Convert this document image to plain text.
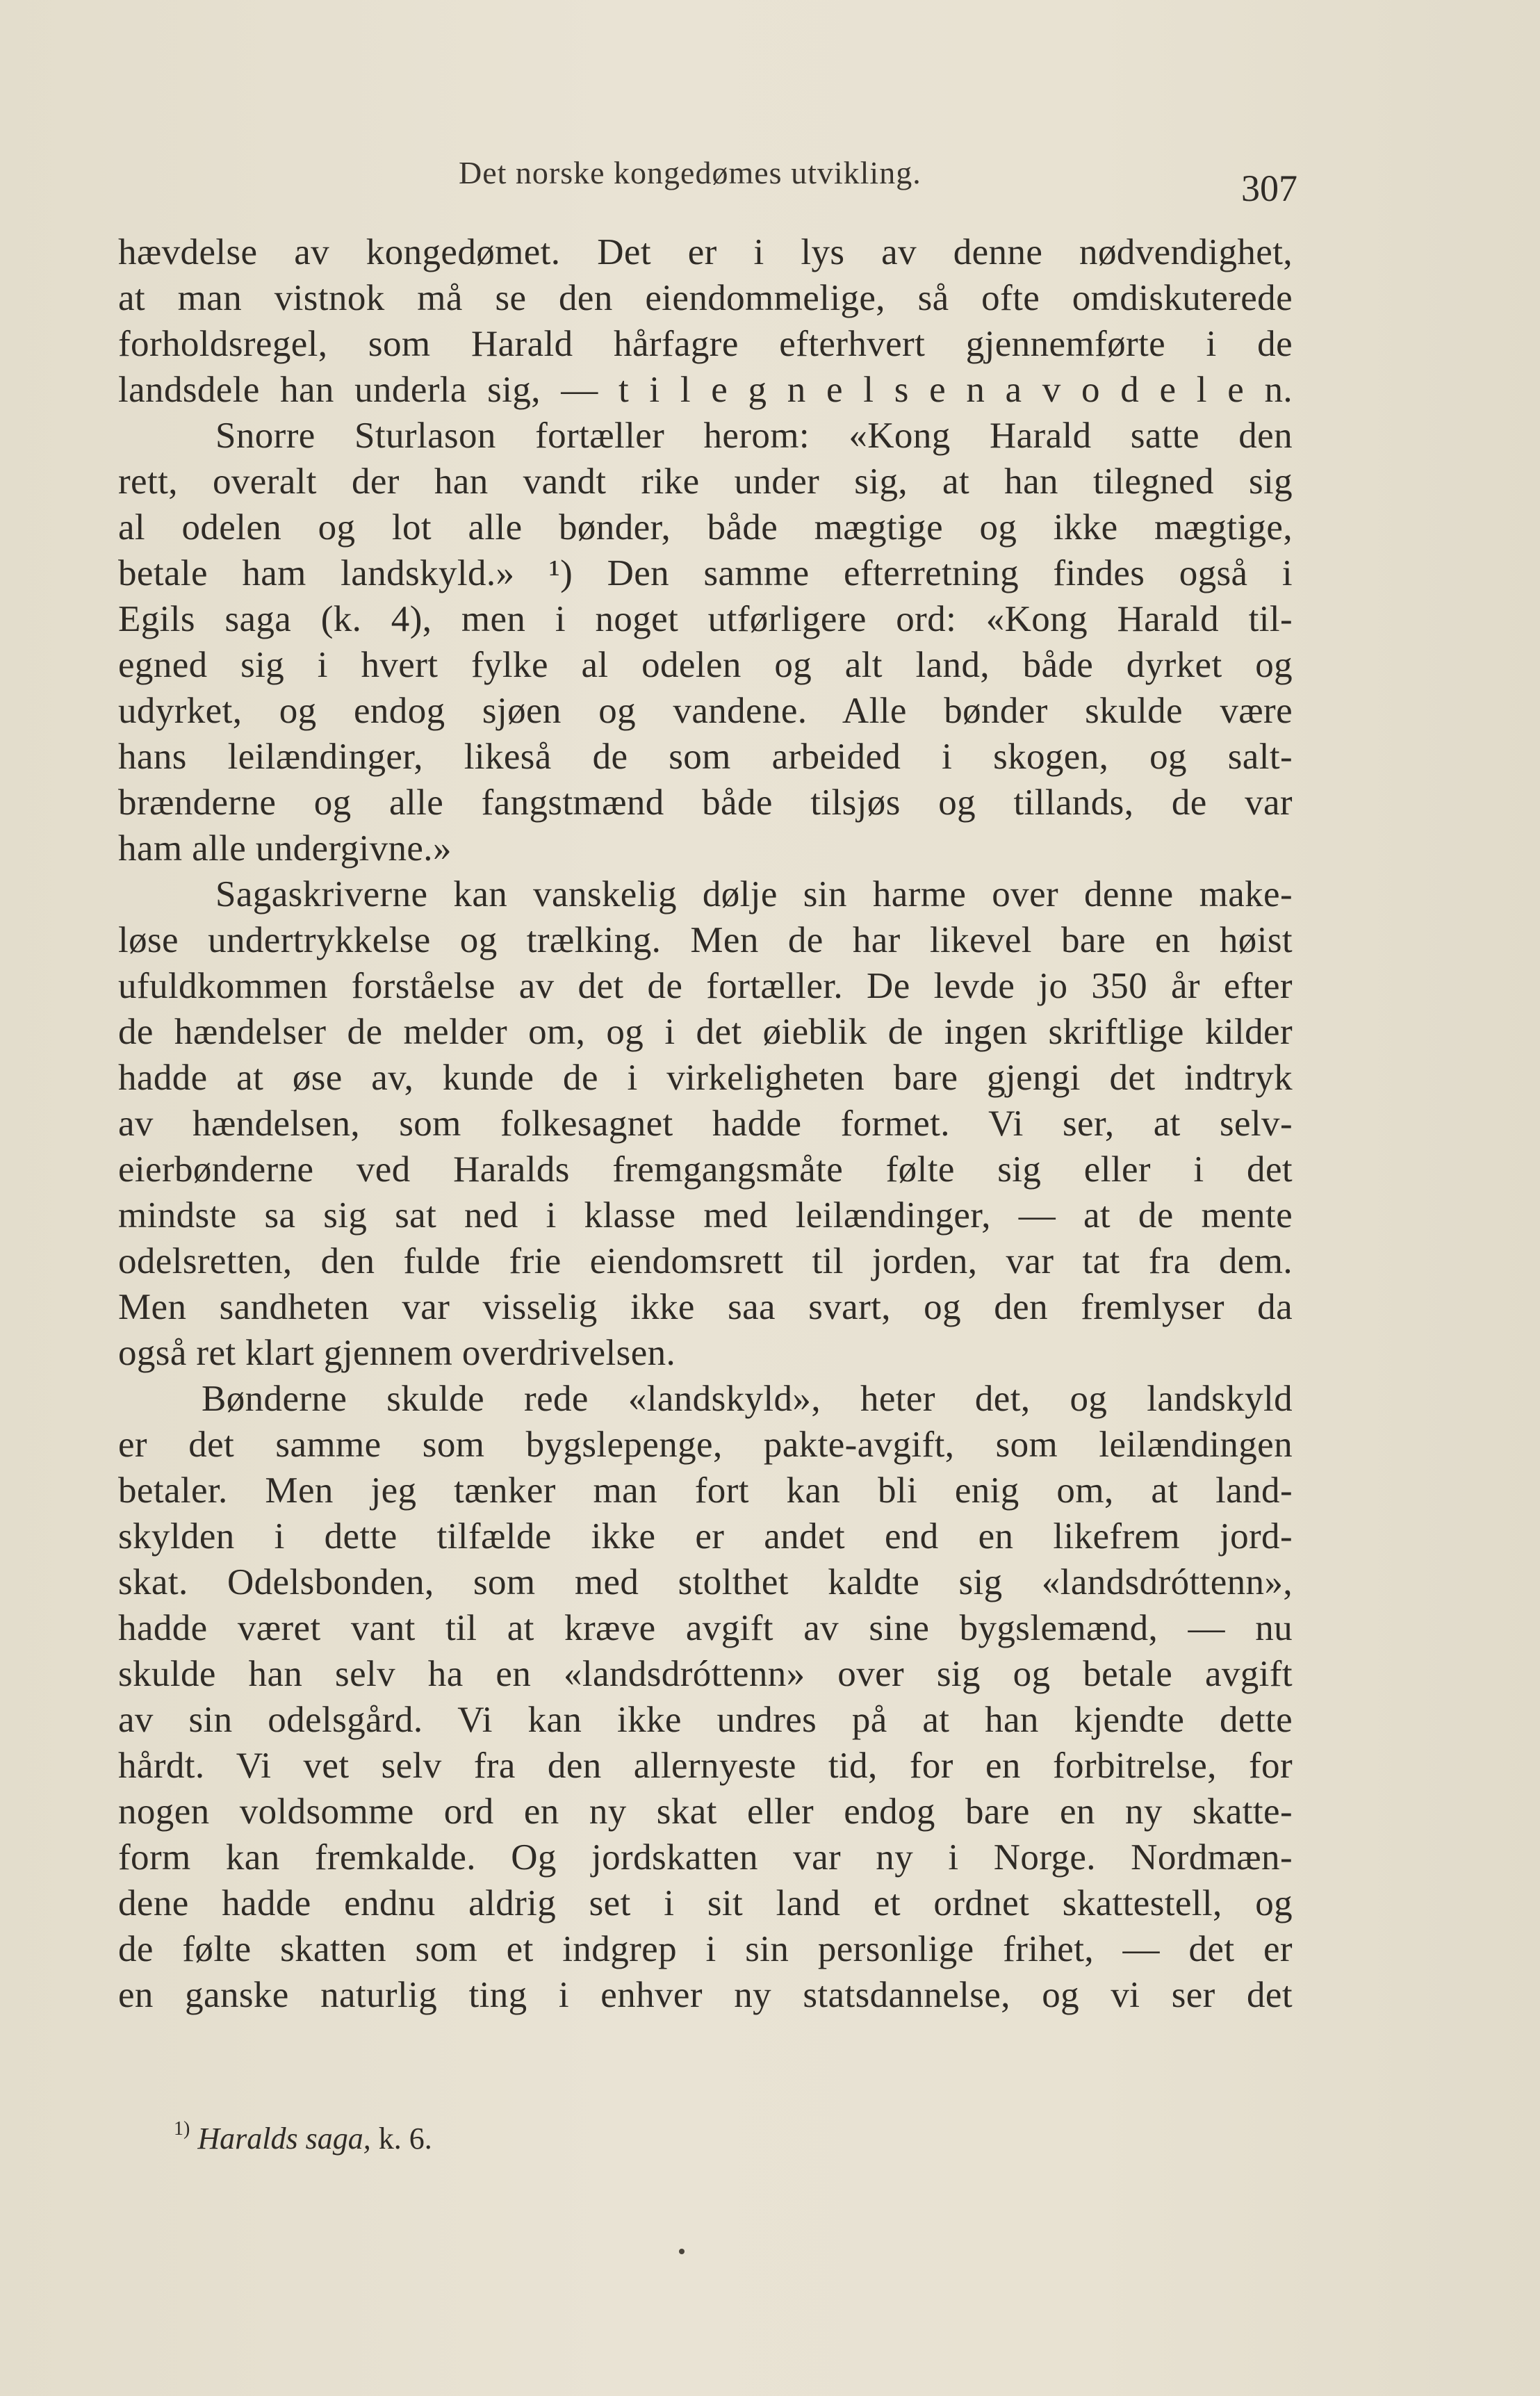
Det norske kongedømes utvikling.	307
hævdelse av kongedømet. Det er i lys av denne nødvendighet,
at man vistnok må se den eiendommelige, så ofte omdiskuterede
forholdsregel, som Harald hårfagre efterhvert gjennemførte i de
landsdele han underla sig, — t i l e g n e l s e n a v o d e l e n.
Snorre Sturlason fortæller herom: «Kong Harald satte den
rett, overalt der han vandt rike under sig, at han tilegned sig
al odelen og lot alle bønder, både mægtige og ikke mægtige,
betale ham landskyld.» ¹) Den samme efterretning findes også i
Egils saga (k. 4), men i noget utførligere ord: «Kong Harald til-
egned sig i hvert fylke al odelen og alt land, både dyrket og
udyrket, og endog sjøen og vandene. Alle bønder skulde være
hans leilændinger, likeså de som arbeided i skogen, og salt-
brænderne og alle fangstmænd både tilsjøs og tillands, de var
ham alle undergivne.»
Sagaskriverne kan vanskelig dølje sin harme over denne make-
løse undertrykkelse og trælking. Men de har likevel bare en høist
ufuldkommen forståelse av det de fortæller. De levde jo 350 år efter
de hændelser de melder om, og i det øieblik de ingen skriftlige kilder
hadde at øse av, kunde de i virkeligheten bare gjengi det indtryk
av hændelsen, som folkesagnet hadde formet. Vi ser, at selv-
eierbønderne ved Haralds fremgangsmåte følte sig eller i det
mindste sa sig sat ned i klasse med leilændinger, — at de mente
odelsretten, den fulde frie eiendomsrett til jorden, var tat fra dem.
Men sandheten var visselig ikke saa svart, og den fremlyser da
også ret klart gjennem overdrivelsen.
Bønderne skulde rede «landskyld», heter det, og landskyld
er det samme som bygslepenge, pakte-avgift, som leilændingen
betaler. Men jeg tænker man fort kan bli enig om, at land-
skylden i dette tilfælde ikke er andet end en likefrem jord-
skat. Odelsbonden, som med stolthet kaldte sig «landsdróttenn»,
hadde været vant til at kræve avgift av sine bygslemænd, — nu
skulde han selv ha en «landsdróttenn» over sig og betale avgift
av sin odelsgård. Vi kan ikke undres på at han kjendte dette
hårdt. Vi vet selv fra den allernyeste tid, for en forbitrelse, for
nogen voldsomme ord en ny skat eller endog bare en ny skatte-
form kan fremkalde. Og jordskatten var ny i Norge. Nordmæn-
dene hadde endnu aldrig set i sit land et ordnet skattestell, og
de følte skatten som et indgrep i sin personlige frihet, — det er
en ganske naturlig ting i enhver ny statsdannelse, og vi ser det
$^{1)}$ Haralds saga, k. 6.
